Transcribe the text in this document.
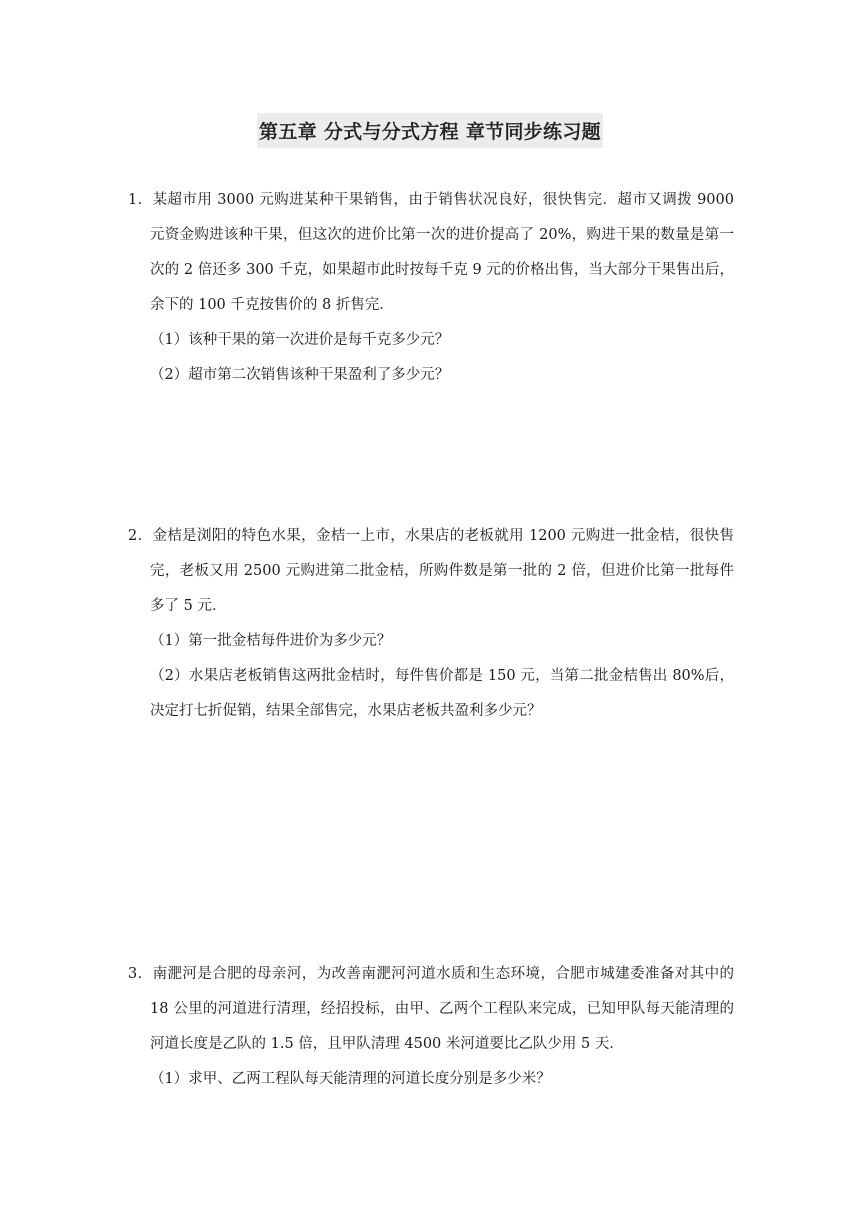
第五章 分式与分式方程 章节同步练习题
1．某超市用 3000 元购进某种干果销售，由于销售状况良好，很快售完．超市又调拨 9000 元资金购进该种干果，但这次的进价比第一次的进价提高了 20%，购进干果的数量是第一次的 2 倍还多 300 千克，如果超市此时按每千克 9 元的价格出售，当大部分干果售出后，余下的 100 千克按售价的 8 折售完．
（1）该种干果的第一次进价是每千克多少元？
（2）超市第二次销售该种干果盈利了多少元？
2．金桔是浏阳的特色水果，金桔一上市，水果店的老板就用 1200 元购进一批金桔，很快售完，老板又用 2500 元购进第二批金桔，所购件数是第一批的 2 倍，但进价比第一批每件多了 5 元．
（1）第一批金桔每件进价为多少元？
（2）水果店老板销售这两批金桔时，每件售价都是 150 元，当第二批金桔售出 80%后，决定打七折促销，结果全部售完，水果店老板共盈利多少元？
3．南淝河是合肥的母亲河，为改善南淝河河道水质和生态环境，合肥市城建委准备对其中的 18 公里的河道进行清理，经招投标，由甲、乙两个工程队来完成，已知甲队每天能清理的河道长度是乙队的 1.5 倍，且甲队清理 4500 米河道要比乙队少用 5 天．
（1）求甲、乙两工程队每天能清理的河道长度分别是多少米？
